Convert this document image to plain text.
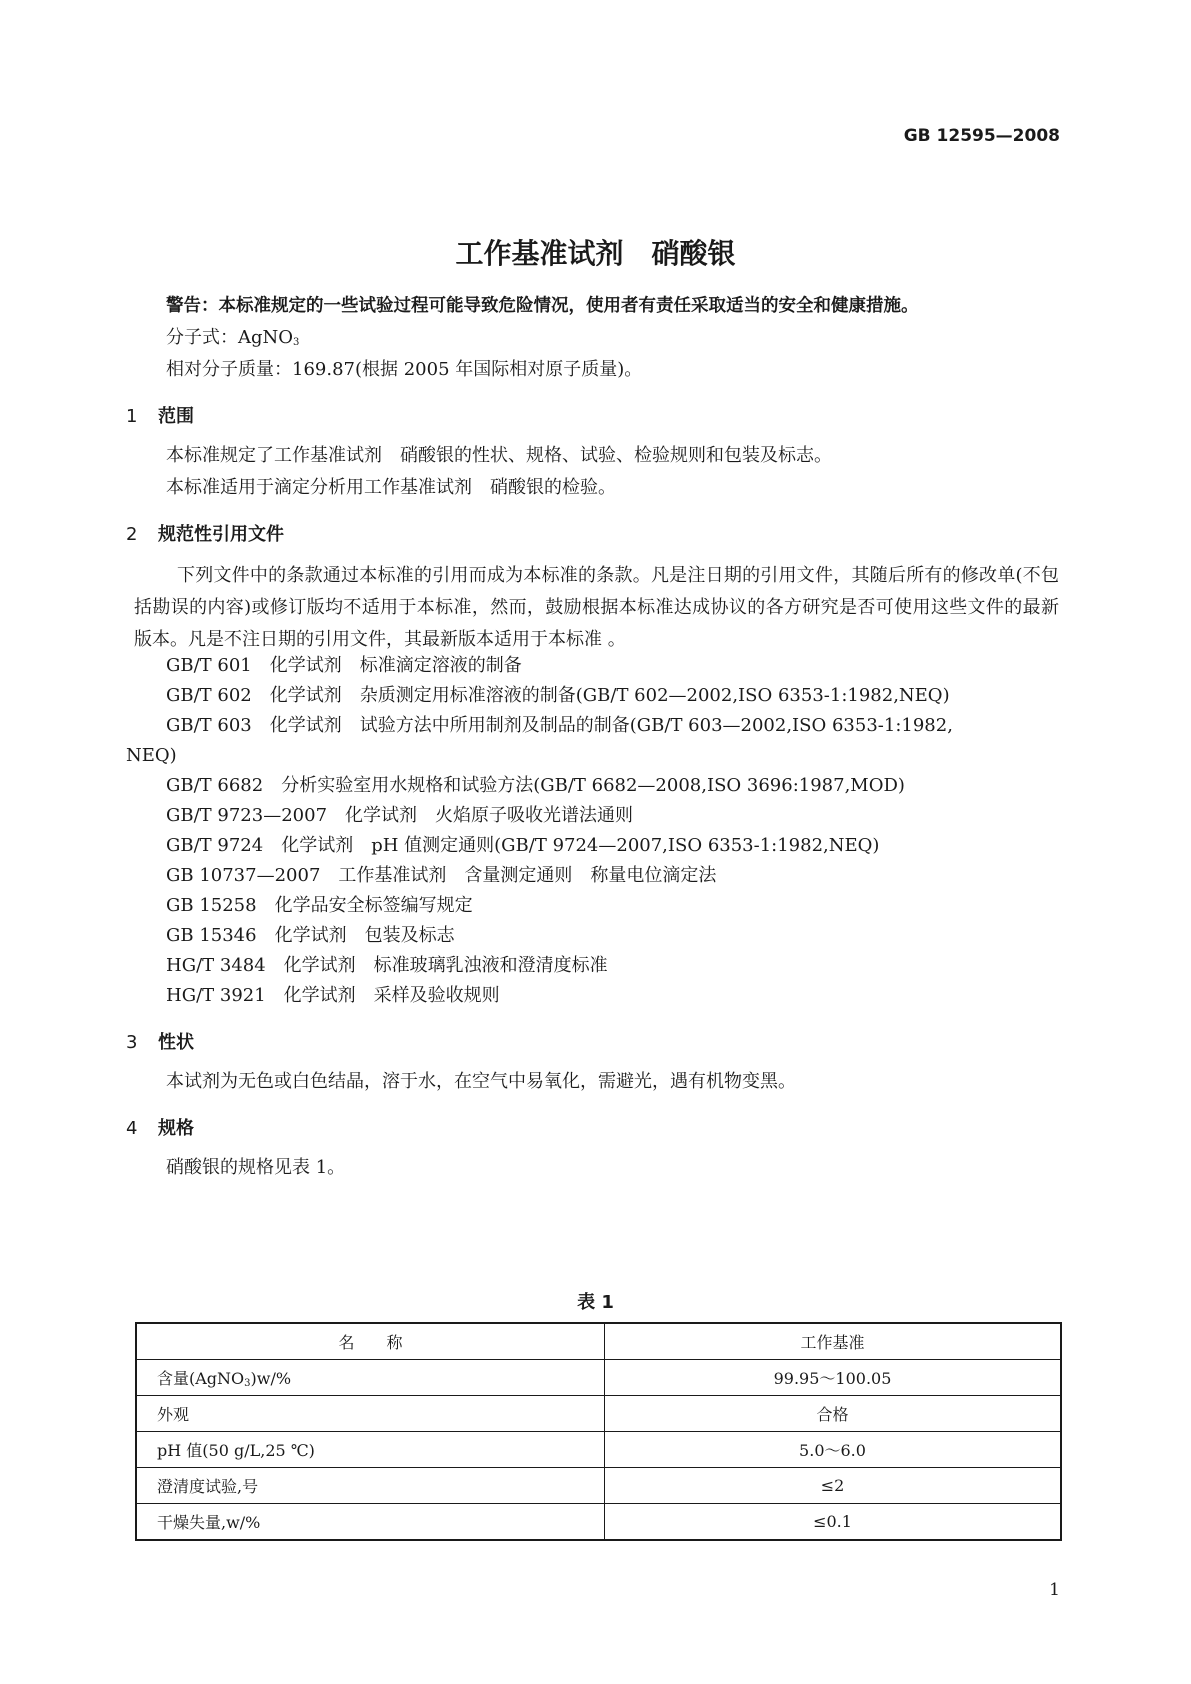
GB 12595—2008
工作基准试剂　硝酸银
警告：本标准规定的一些试验过程可能导致危险情况，使用者有责任采取适当的安全和健康措施。
分子式：AgNO$_3$
相对分子质量：169.87(根据 2005 年国际相对原子质量)。
1 范围
本标准规定了工作基准试剂　硝酸银的性状、规格、试验、检验规则和包装及标志。
本标准适用于滴定分析用工作基准试剂　硝酸银的检验。
2 规范性引用文件

下列文件中的条款通过本标准的引用而成为本标准的条款。凡是注日期的引用文件，其随后所有的修改单(不包括勘误的内容)或修订版均不适用于本标准，然而，鼓励根据本标准达成协议的各方研究是否可使用这些文件的最新版本。凡是不注日期的引用文件，其最新版本适用于本标准 。

GB/T 601　化学试剂　标准滴定溶液的制备
GB/T 602　化学试剂　杂质测定用标准溶液的制备(GB/T 602—2002,ISO 6353-1:1982,NEQ)
GB/T 603　化学试剂　试验方法中所用制剂及制品的制备(GB/T 603—2002,ISO 6353-1:1982,
NEQ)
GB/T 6682　分析实验室用水规格和试验方法(GB/T 6682—2008,ISO 3696:1987,MOD)
GB/T 9723—2007　化学试剂　火焰原子吸收光谱法通则
GB/T 9724　化学试剂　pH 值测定通则(GB/T 9724—2007,ISO 6353-1:1982,NEQ)
GB 10737—2007　工作基准试剂　含量测定通则　称量电位滴定法
GB 15258　化学品安全标签编写规定
GB 15346　化学试剂　包装及标志
HG/T 3484　化学试剂　标准玻璃乳浊液和澄清度标准
HG/T 3921　化学试剂　采样及验收规则
3 性状
本试剂为无色或白色结晶，溶于水，在空气中易氧化，需避光，遇有机物变黑。
4 规格
硝酸银的规格见表 1。
表 1
名　　称	工作基准
含量(AgNO$_3$)w/%	99.95～100.05
外观	合格
pH 值(50 g/L,25 ℃)	5.0～6.0
澄清度试验,号	≤2
干燥失量,w/%	≤0.1
1
